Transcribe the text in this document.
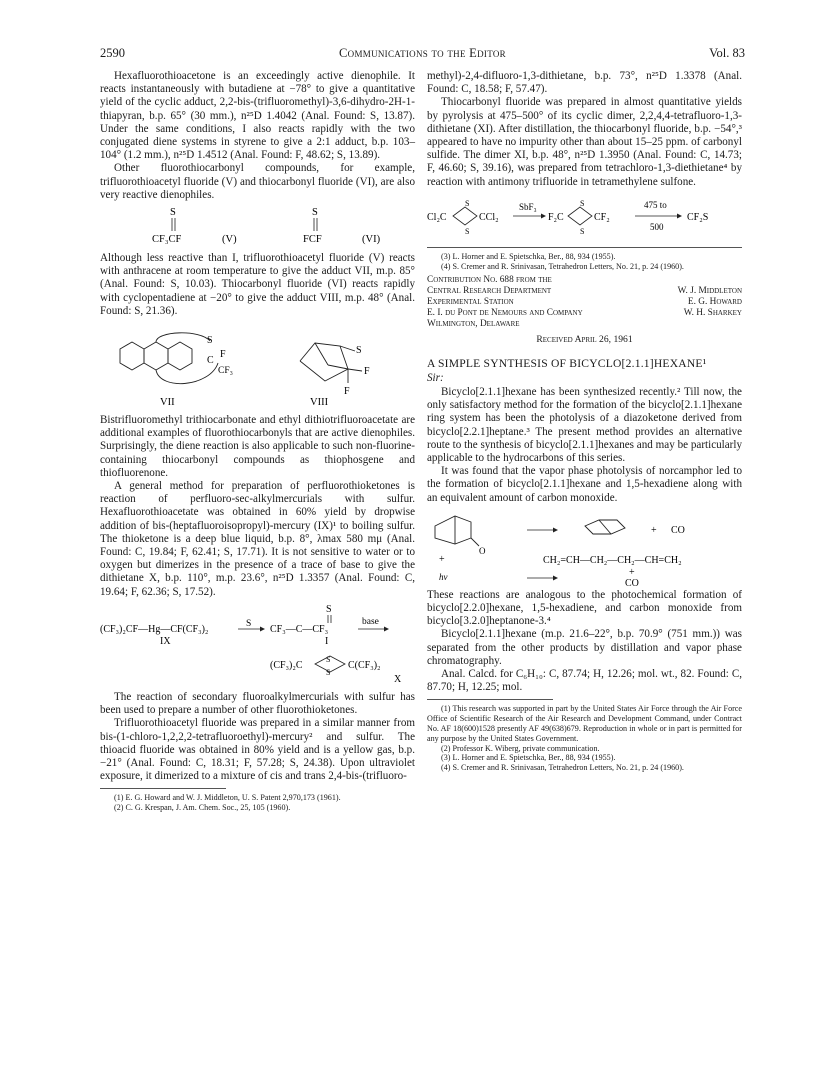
2590	Communications to the Editor	Vol. 83

Hexafluorothioacetone is an exceedingly active dienophile. It reacts instantaneously with butadiene at −78° to give a quantitative yield of the cyclic adduct, 2,2-bis-(trifluoromethyl)-3,6-dihydro-2H-1-thiapyran, b.p. 65° (30 mm.), n²⁵D 1.4042 (Anal. Found: S, 13.87). Under the same conditions, I also reacts rapidly with the two conjugated diene systems in styrene to give a 2:1 adduct, b.p. 103–104° (1.2 mm.), n²⁵D 1.4512 (Anal. Found: F, 48.62; S, 13.89).

Other fluorothiocarbonyl compounds, for example, trifluorothioacetyl fluoride (V) and thiocarbonyl fluoride (VI), are also very reactive dienophiles.

S
CF₃CF	(V)
S
FCF	(VI)

Although less reactive than I, trifluorothioacetyl fluoride (V) reacts with anthracene at room temperature to give the adduct VII, m.p. 85° (Anal. Found: S, 10.03). Thiocarbonyl fluoride (VI) reacts rapidly with cyclopentadiene at −20° to give the adduct VIII, m.p. 48° (Anal. Found: S, 21.36).

S
F
C
CF₃
VII
S
F
F
VIII

Bistrifluoromethyl trithiocarbonate and ethyl dithiotrifluoroacetate are additional examples of fluorothiocarbonyls that are active dienophiles. Surprisingly, the diene reaction is also applicable to such non-fluorine-containing thiocarbonyl compounds as thiophosgene and thiofluorenone.

A general method for preparation of perfluorothioketones is reaction of perfluoro-sec-alkylmercurials with sulfur. Hexafluorothioacetate was obtained in 60% yield by dropwise addition of bis-(heptafluoroisopropyl)-mercury (IX)¹ to boiling sulfur. The thioketone is a deep blue liquid, b.p. 8°, λmax 580 mμ (Anal. Found: C, 19.84; F, 62.41; S, 17.71). It is not sensitive to water or to oxygen but dimerizes in the presence of a trace of base to give the dithietane X, b.p. 110°, m.p. 23.6°, n²⁵D 1.3357 (Anal. Found: C, 19.64; F, 62.36; S, 17.52).

(CF₃)₂CF—Hg—CF(CF₃)₂
IX
S
S
CF₃—C—CF₃
I
base
(CF₃)₂C
S
S
C(CF₃)₂
X

The reaction of secondary fluoroalkylmercurials with sulfur has been used to prepare a number of other fluorothioketones.

Trifluorothioacetyl fluoride was prepared in a similar manner from bis-(1-chloro-1,2,2,2-tetrafluoroethyl)-mercury² and sulfur. The thioacid fluoride was obtained in 80% yield and is a yellow gas, b.p. −21° (Anal. Found: C, 18.31; F, 57.28; S, 24.38). Upon ultraviolet exposure, it dimerized to a mixture of cis and trans 2,4-bis-(trifluoro-

(1) E. G. Howard and W. J. Middleton, U. S. Patent 2,970,173 (1961).

(2) C. G. Krespan, J. Am. Chem. Soc., 25, 105 (1960).

methyl)-2,4-difluoro-1,3-dithietane, b.p. 73°, n²⁵D 1.3378 (Anal. Found: C, 18.58; F, 57.47).

Thiocarbonyl fluoride was prepared in almost quantitative yields by pyrolysis at 475–500° of its cyclic dimer, 2,2,4,4-tetrafluoro-1,3-dithietane (XI). After distillation, the thiocarbonyl fluoride, b.p. −54°,³ appeared to have no impurity other than about 15–25 ppm. of carbonyl sulfide. The dimer XI, b.p. 48°, n²⁵D 1.3950 (Anal. Found: C, 14.73; F, 46.60; S, 39.16), was prepared from tetrachloro-1,3-diethietane⁴ by reaction with antimony trifluoride in tetramethylene sulfone.

Cl₂C
S
S
CCl₂
SbF₃
F₂C
S
S
CF₂
475 to
500
CF₂S

(3) L. Horner and E. Spietschka, Ber., 88, 934 (1955).

(4) S. Cremer and R. Srinivasan, Tetrahedron Letters, No. 21, p. 24 (1960).

Contribution No. 688 from the
Central Research Department	W. J. Middleton
Experimental Station	E. G. Howard
E. I. du Pont de Nemours and Company	W. H. Sharkey
Wilmington, Delaware
Received April 26, 1961
A SIMPLE SYNTHESIS OF BICYCLO[2.1.1]HEXANE¹
Sir:

Bicyclo[2.1.1]hexane has been synthesized recently.² Till now, the only satisfactory method for the formation of the bicyclo[2.1.1]hexane ring system has been the photolysis of a diazoketone derived from bicyclo[2.2.1]heptane.³ The present method provides an alternative route to the synthesis of bicyclo[2.1.1]hexanes and may be particularly applicable to the hydrocarbons of this series.

It was found that the vapor phase photolysis of norcamphor led to the formation of bicyclo[2.1.1]hexane and 1,5-hexadiene along with an equivalent amount of carbon monoxide.

O
+ CO
+	CH₂=CH—CH₂—CH₂—CH=CH₂
hν	+
CO

These reactions are analogous to the photochemical formation of bicyclo[2.2.0]hexane, 1,5-hexadiene, and carbon monoxide from bicyclo[3.2.0]heptanone-3.⁴

Bicyclo[2.1.1]hexane (m.p. 21.6–22°, b.p. 70.9° (751 mm.)) was separated from the other products by distillation and vapor phase chromatography.

Anal. Calcd. for C₆H₁₀: C, 87.74; H, 12.26; mol. wt., 82. Found: C, 87.70; H, 12.25; mol.

(1) This research was supported in part by the United States Air Force through the Air Force Office of Scientific Research of the Air Research and Development Command, under Contract No. AF 18(600)1528 presently AF 49(638)679. Reproduction in whole or in part is permitted for any purpose by the United States Government.

(2) Professor K. Wiberg, private communication.

(3) L. Horner and E. Spietschka, Ber., 88, 934 (1955).

(4) S. Cremer and R. Srinivasan, Tetrahedron Letters, No. 21, p. 24 (1960).
